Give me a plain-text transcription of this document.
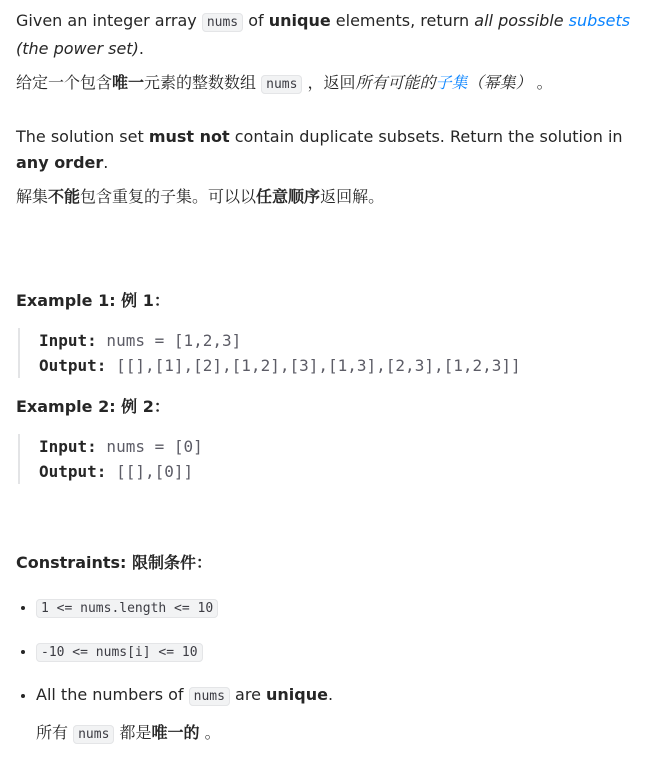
Given an integer array nums of unique elements, return all possible subsets (the power set).

给定一个包含唯一元素的整数数组 nums ，返回所有可能的子集（幂集） 。

The solution set must not contain duplicate subsets. Return the solution in any order.

解集不能包含重复的子集。可以以任意顺序返回解。

Example 1: 例 1：
Input: nums = [1,2,3]
Output: [[],[1],[2],[1,2],[3],[1,3],[2,3],[1,2,3]]
Example 2: 例 2：
Input: nums = [0]
Output: [[],[0]]
Constraints: 限制条件：
• 1 <= nums.length <= 10
• -10 <= nums[i] <= 10
• All the numbers of nums are unique.
所有 nums 都是唯一的 。
